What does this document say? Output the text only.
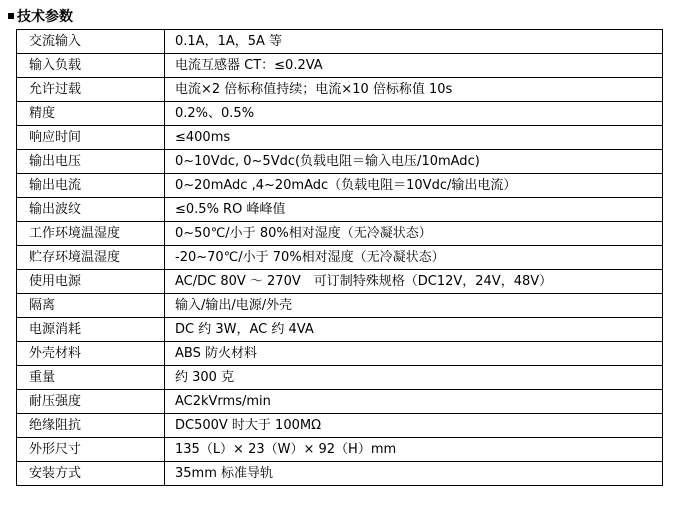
技术参数
交流输入	0.1A，1A，5A 等
输入负载	电流互感器 CT：≤0.2VA
允许过载	电流×2 倍标称值持续；电流×10 倍标称值 10s
精度	0.2%、0.5%
响应时间	≤400ms
输出电压	0~10Vdc, 0~5Vdc(负载电阻＝输入电压/10mAdc)
输出电流	0~20mAdc ,4~20mAdc（负载电阻＝10Vdc/输出电流）
输出波纹	≤0.5% RO 峰峰值
工作环境温湿度	0~50℃/小于 80%相对湿度（无冷凝状态）
贮存环境温湿度	-20~70℃/小于 70%相对湿度（无冷凝状态）
使用电源	AC/DC 80V ～ 270V　可订制特殊规格（DC12V，24V，48V）
隔离	输入/输出/电源/外壳
电源消耗	DC 约 3W，AC 约 4VA
外壳材料	ABS 防火材料
重量	约 300 克
耐压强度	AC2kVrms/min
绝缘阻抗	DC500V 时大于 100MΩ
外形尺寸	135（L）× 23（W）× 92（H）mm
安装方式	35mm 标准导轨
